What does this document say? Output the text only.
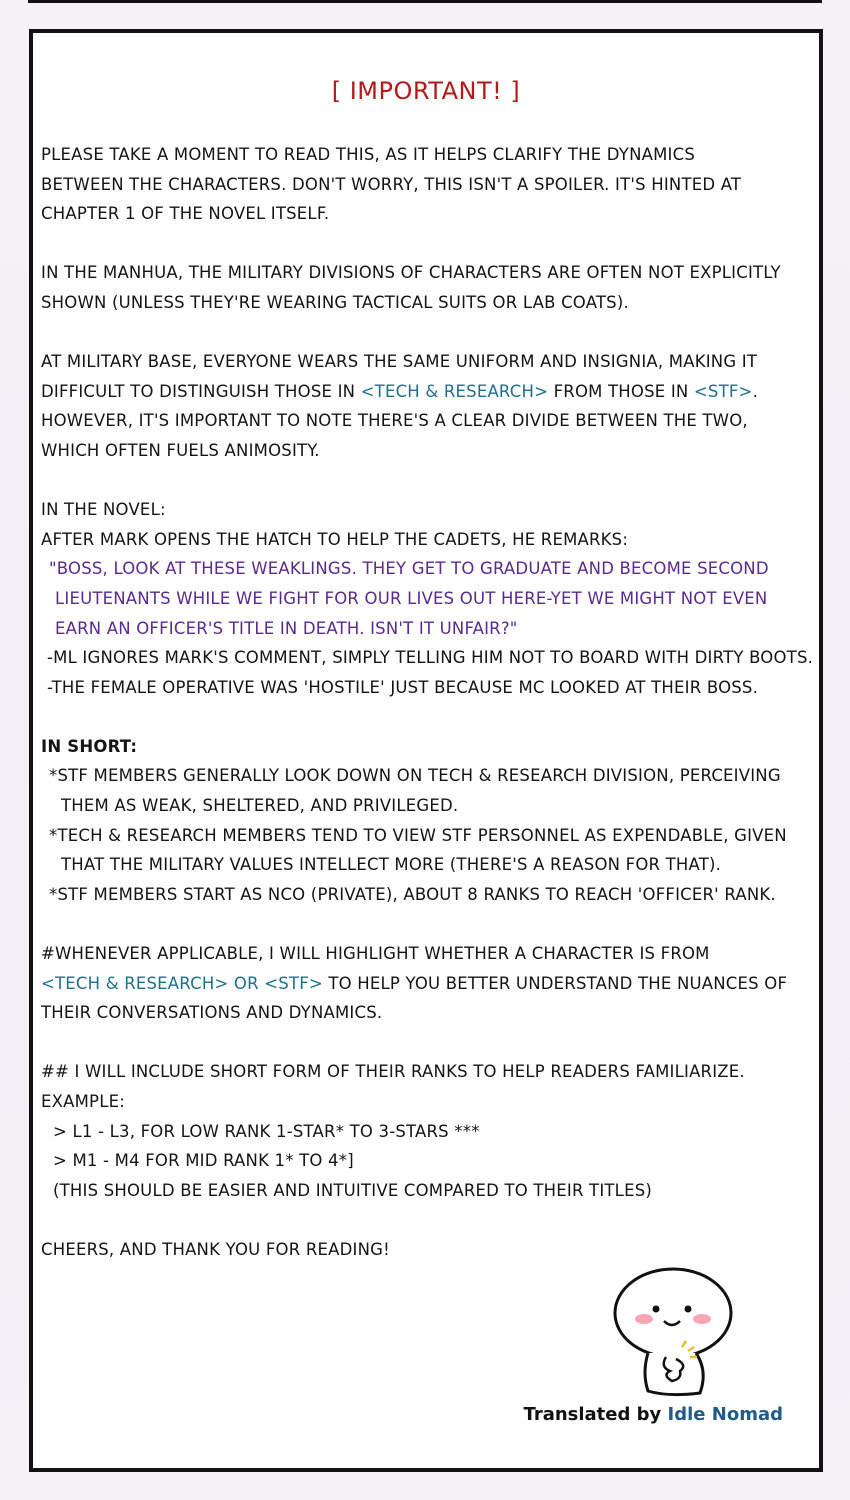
[ IMPORTANT! ]
PLEASE TAKE A MOMENT TO READ THIS, AS IT HELPS CLARIFY THE DYNAMICS
BETWEEN THE CHARACTERS. DON'T WORRY, THIS ISN'T A SPOILER. IT'S HINTED AT
CHAPTER 1 OF THE NOVEL ITSELF.
IN THE MANHUA, THE MILITARY DIVISIONS OF CHARACTERS ARE OFTEN NOT EXPLICITLY
SHOWN (UNLESS THEY'RE WEARING TACTICAL SUITS OR LAB COATS).
AT MILITARY BASE, EVERYONE WEARS THE SAME UNIFORM AND INSIGNIA, MAKING IT
DIFFICULT TO DISTINGUISH THOSE IN <TECH & RESEARCH> FROM THOSE IN <STF>.
HOWEVER, IT'S IMPORTANT TO NOTE THERE'S A CLEAR DIVIDE BETWEEN THE TWO,
WHICH OFTEN FUELS ANIMOSITY.
IN THE NOVEL:
AFTER MARK OPENS THE HATCH TO HELP THE CADETS, HE REMARKS:
"BOSS, LOOK AT THESE WEAKLINGS. THEY GET TO GRADUATE AND BECOME SECOND
LIEUTENANTS WHILE WE FIGHT FOR OUR LIVES OUT HERE-YET WE MIGHT NOT EVEN
EARN AN OFFICER'S TITLE IN DEATH. ISN'T IT UNFAIR?"
-ML IGNORES MARK'S COMMENT, SIMPLY TELLING HIM NOT TO BOARD WITH DIRTY BOOTS.
-THE FEMALE OPERATIVE WAS 'HOSTILE' JUST BECAUSE MC LOOKED AT THEIR BOSS.
IN SHORT:
*STF MEMBERS GENERALLY LOOK DOWN ON TECH & RESEARCH DIVISION, PERCEIVING
THEM AS WEAK, SHELTERED, AND PRIVILEGED.
*TECH & RESEARCH MEMBERS TEND TO VIEW STF PERSONNEL AS EXPENDABLE, GIVEN
THAT THE MILITARY VALUES INTELLECT MORE (THERE'S A REASON FOR THAT).
*STF MEMBERS START AS NCO (PRIVATE), ABOUT 8 RANKS TO REACH 'OFFICER' RANK.
#WHENEVER APPLICABLE, I WILL HIGHLIGHT WHETHER A CHARACTER IS FROM
<TECH & RESEARCH> OR <STF> TO HELP YOU BETTER UNDERSTAND THE NUANCES OF
THEIR CONVERSATIONS AND DYNAMICS.
## I WILL INCLUDE SHORT FORM OF THEIR RANKS TO HELP READERS FAMILIARIZE.
EXAMPLE:
> L1 - L3, FOR LOW RANK 1-STAR* TO 3-STARS ***
> M1 - M4 FOR MID RANK 1* TO 4*]
(THIS SHOULD BE EASIER AND INTUITIVE COMPARED TO THEIR TITLES)
CHEERS, AND THANK YOU FOR READING!
Translated by Idle Nomad
